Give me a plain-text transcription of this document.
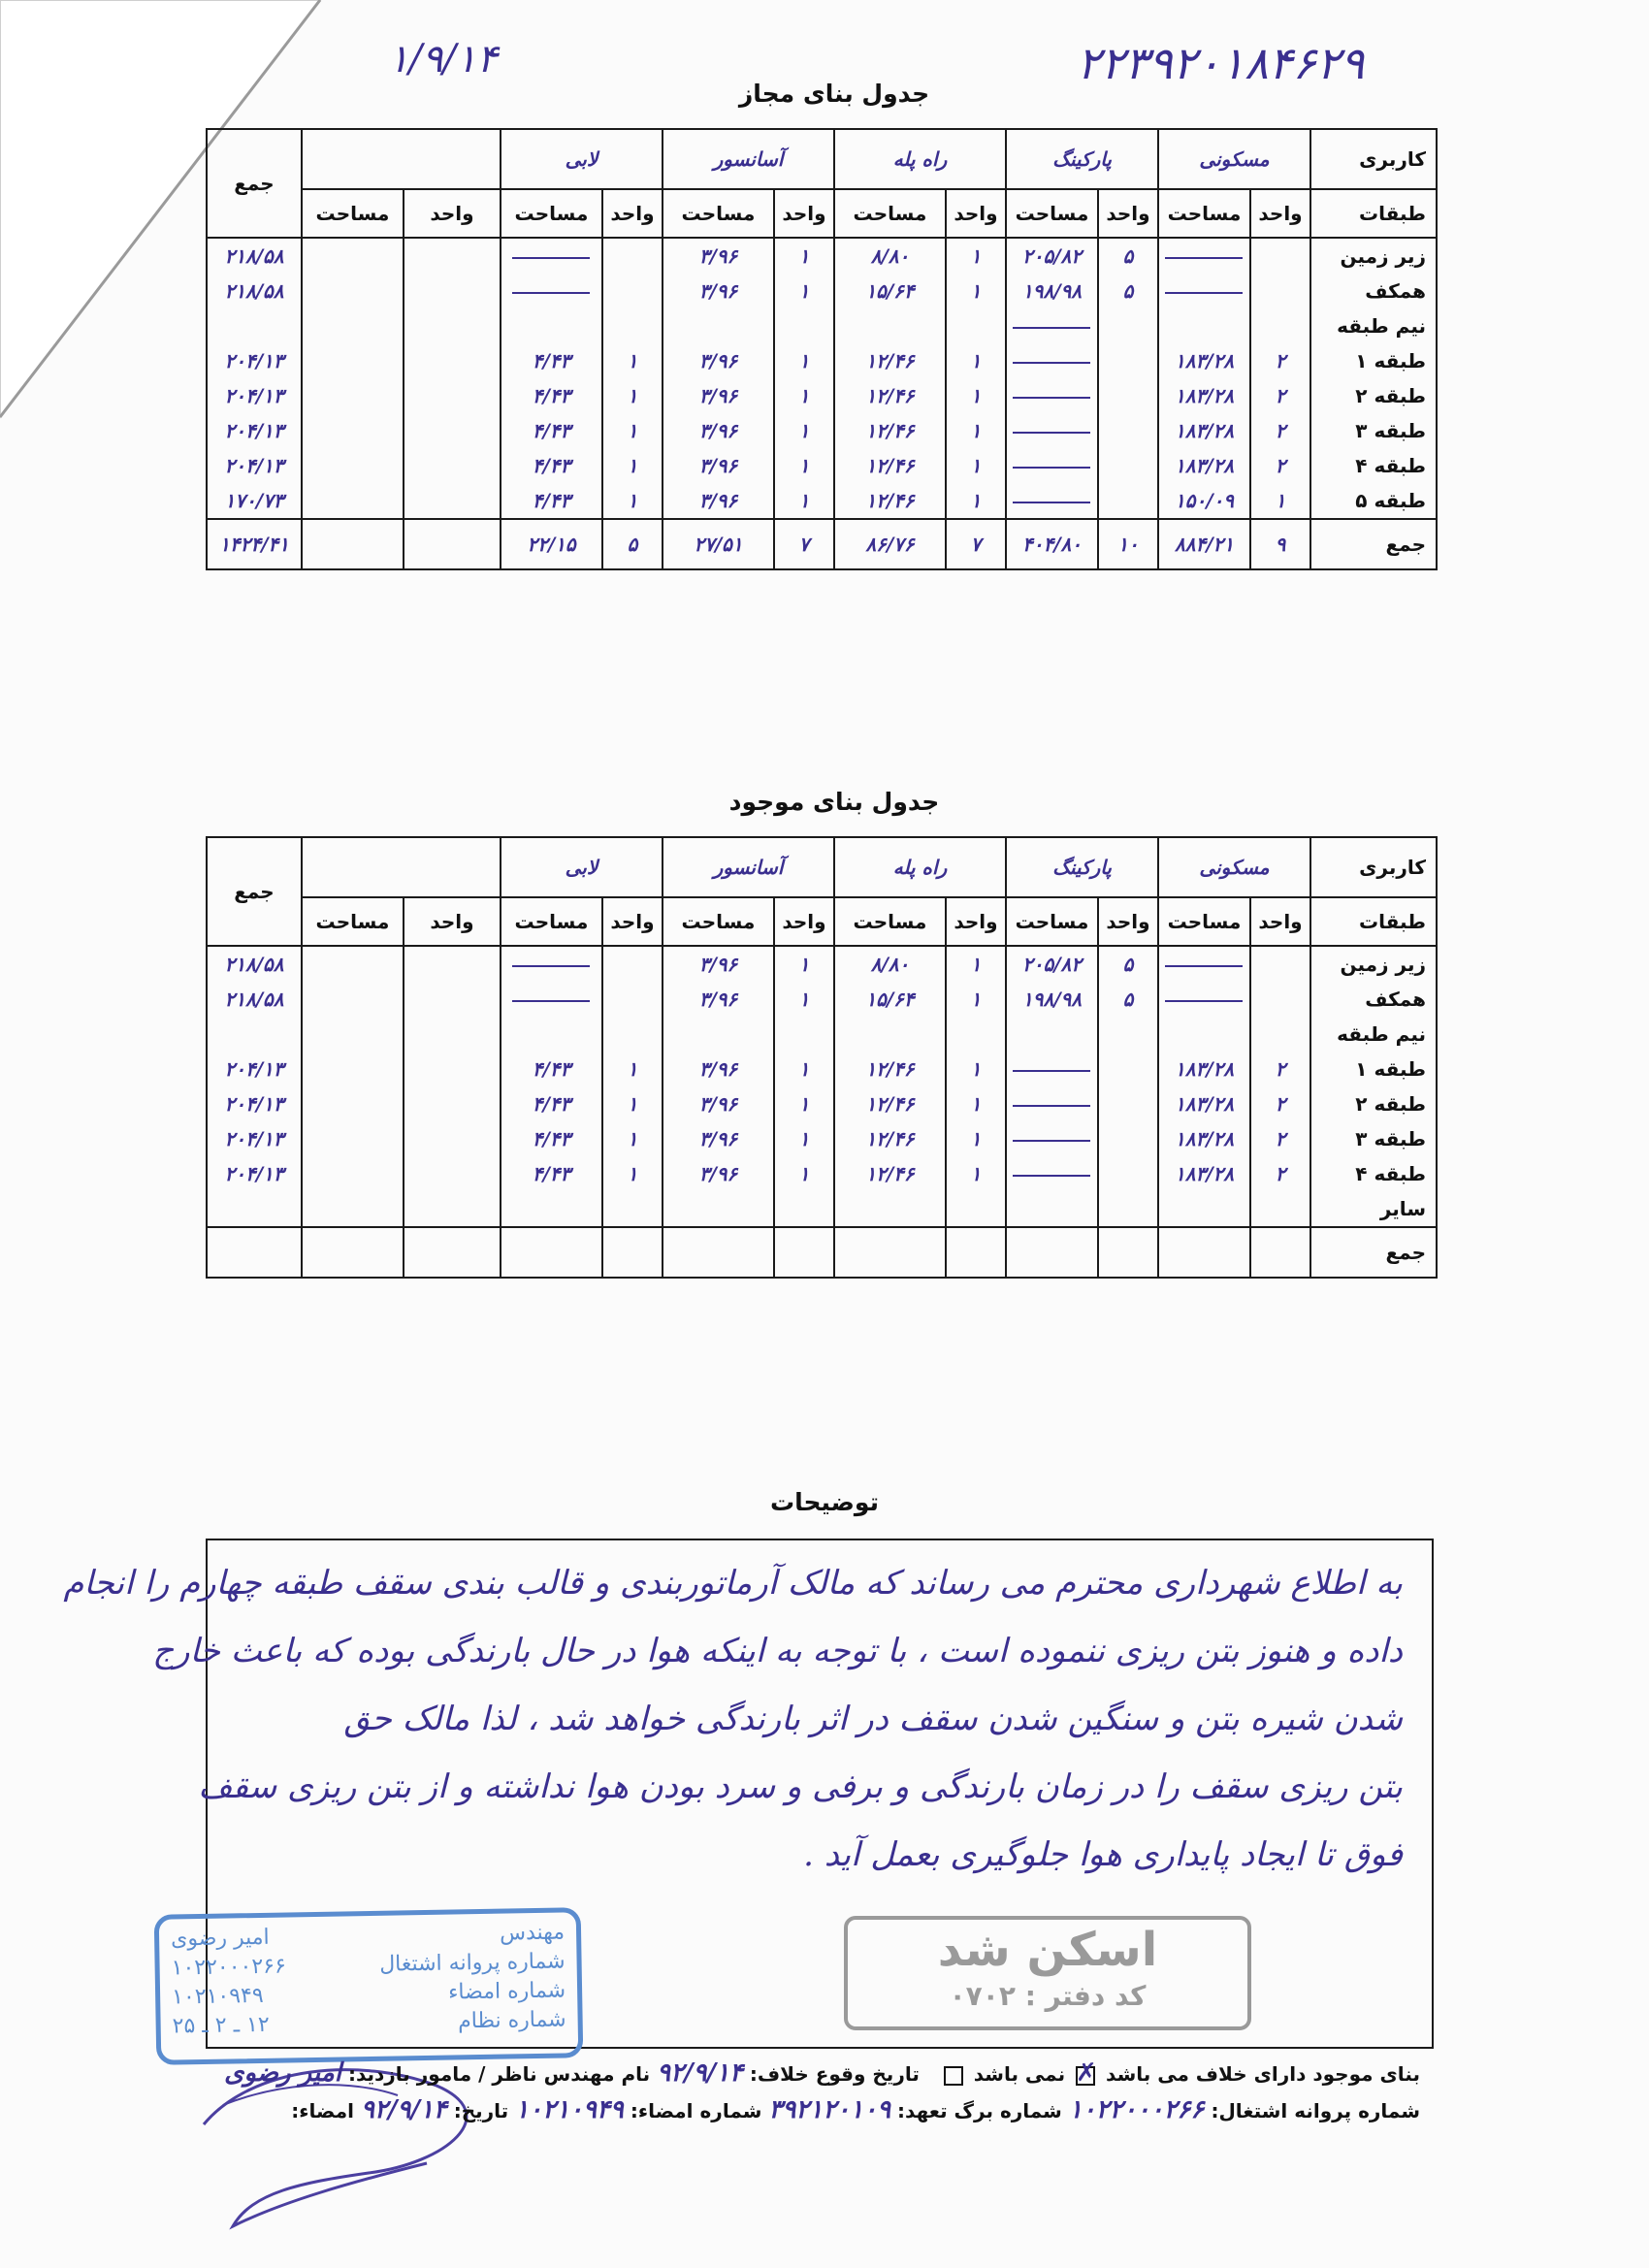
۱/۹/۱۴	۲۲۳۹۲۰۱۸۴۶۲۹
جدول بنای مجاز
کاربری	مسکونی		پارکینگ		راه پله		آسانسور		لابی				جمع
طبقات	واحد	مساحت	واحد	مساحت	واحد	مساحت	واحد	مساحت	واحد	مساحت	واحد	مساحت	
زیر زمین			۵	۲۰۵/۸۲	۱	۸/۸۰	۱	۳/۹۶					۲۱۸/۵۸
همکف			۵	۱۹۸/۹۸	۱	۱۵/۶۴	۱	۳/۹۶					۲۱۸/۵۸
نیم طبقه													
طبقه ۱	۲	۱۸۳/۲۸			۱	۱۲/۴۶	۱	۳/۹۶	۱	۴/۴۳			۲۰۴/۱۳
طبقه ۲	۲	۱۸۳/۲۸			۱	۱۲/۴۶	۱	۳/۹۶	۱	۴/۴۳			۲۰۴/۱۳
طبقه ۳	۲	۱۸۳/۲۸			۱	۱۲/۴۶	۱	۳/۹۶	۱	۴/۴۳			۲۰۴/۱۳
طبقه ۴	۲	۱۸۳/۲۸			۱	۱۲/۴۶	۱	۳/۹۶	۱	۴/۴۳			۲۰۴/۱۳
طبقه ۵	۱	۱۵۰/۰۹			۱	۱۲/۴۶	۱	۳/۹۶	۱	۴/۴۳			۱۷۰/۷۳
جمع	۹	۸۸۴/۲۱	۱۰	۴۰۴/۸۰	۷	۸۶/۷۶	۷	۲۷/۵۱	۵	۲۲/۱۵			۱۴۲۴/۴۱
جدول بنای موجود
کاربری	مسکونی		پارکینگ		راه پله		آسانسور		لابی				جمع
طبقات	واحد	مساحت	واحد	مساحت	واحد	مساحت	واحد	مساحت	واحد	مساحت	واحد	مساحت	
زیر زمین			۵	۲۰۵/۸۲	۱	۸/۸۰	۱	۳/۹۶					۲۱۸/۵۸
همکف			۵	۱۹۸/۹۸	۱	۱۵/۶۴	۱	۳/۹۶					۲۱۸/۵۸
نیم طبقه													
طبقه ۱	۲	۱۸۳/۲۸			۱	۱۲/۴۶	۱	۳/۹۶	۱	۴/۴۳			۲۰۴/۱۳
طبقه ۲	۲	۱۸۳/۲۸			۱	۱۲/۴۶	۱	۳/۹۶	۱	۴/۴۳			۲۰۴/۱۳
طبقه ۳	۲	۱۸۳/۲۸			۱	۱۲/۴۶	۱	۳/۹۶	۱	۴/۴۳			۲۰۴/۱۳
طبقه ۴	۲	۱۸۳/۲۸			۱	۱۲/۴۶	۱	۳/۹۶	۱	۴/۴۳			۲۰۴/۱۳
سایر													
جمع													
توضیحات
به اطلاع شهرداری محترم می رساند که مالک آرماتوربندی و قالب بندی سقف طبقه چهارم را انجام
داده و هنوز بتن ریزی ننموده است ، با توجه به اینکه هوا در حال بارندگی بوده که باعث خارج
شدن شیره بتن و سنگین شدن سقف در اثر بارندگی خواهد شد ، لذا مالک حق
بتن ریزی سقف را در زمان بارندگی و برفی و سرد بودن هوا نداشته و از بتن ریزی سقف
فوق تا ایجاد پایداری هوا جلوگیری بعمل آید .
اسکن شد
کد دفتر : ۰۷۰۲
مهندس
امیر رضوی
شماره پروانه اشتغال
۱۰۲۲۰۰۰۲۶۶
شماره امضاء
۱۰۲۱۰۹۴۹
شماره نظام
۱۲ ـ ۲ ـ ۲۵
بنای موجود دارای خلاف می باشد ✗ نمی باشد    تاریخ وقوع خلاف: ۹۲/۹/۱۴ نام مهندس ناظر / مامور بازدید: امیر رضوی
شماره پروانه اشتغال: ۱۰۲۲۰۰۰۲۶۶ شماره برگ تعهد: ۳۹۲۱۲۰۱۰۹ شماره امضاء: ۱۰۲۱۰۹۴۹ تاریخ: ۹۲/۹/۱۴ امضاء:
